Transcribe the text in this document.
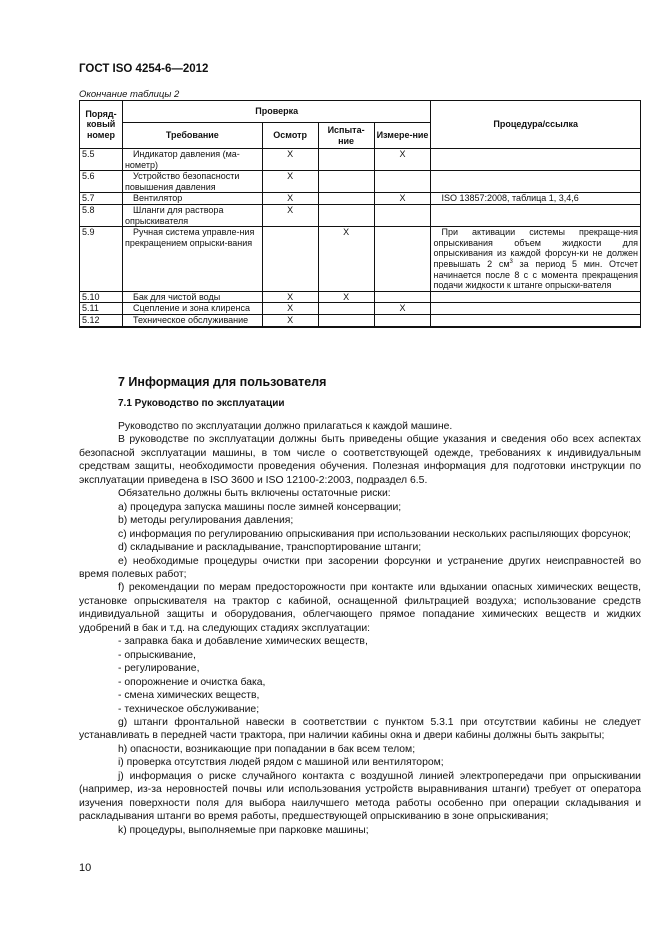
ГОСТ ISO 4254-6—2012
Окончание таблицы 2
Поряд-ковый номер	Проверка				Процедура/ссылка
	Требование	Осмотр	Испыта-ние	Измере-ние	
5.5	Индикатор давления (ма-нометр)	X		X	
5.6	Устройство безопасности повышения давления	X			
5.7	Вентилятор	X		X	ISO 13857:2008, таблица 1, 3,4,6
5.8	Шланги для раствора опрыскивателя	X			
5.9	Ручная система управле-ния прекращением опрыски-вания		X		При активации системы прекраще-ния опрыскивания объем жидкости для опрыскивания из каждой форсун-ки не должен превышать 2 $см^3$ за период 5 мин. Отсчет начинается после 8 с с момента прекращения подачи жидкости к штанге опрыски-вателя
5.10	Бак для чистой воды	X	X		
5.11	Сцепление и зона клиренса	X		X	
5.12	Техническое обслуживание	X			
7 Информация для пользователя
7.1 Руководство по эксплуатации

Руководство по эксплуатации должно прилагаться к каждой машине.

В руководстве по эксплуатации должны быть приведены общие указания и сведения обо всех аспектах безопасной эксплуатации машины, в том числе о соответствующей одежде, требованиях к индивидуальным средствам защиты, необходимости проведения обучения. Полезная информация для подготовки инструкции по эксплуатации приведена в ISO 3600 и ISO 12100-2:2003, подраздел 6.5.

Обязательно должны быть включены остаточные риски:

a) процедура запуска машины после зимней консервации;

b) методы регулирования давления;

c) информация по регулированию опрыскивания при использовании нескольких распыляющих форсунок;

d) складывание и раскладывание, транспортирование штанги;

e) необходимые процедуры очистки при засорении форсунки и устранение других неисправностей во время полевых работ;

f) рекомендации по мерам предосторожности при контакте или вдыхании опасных химических веществ, установке опрыскивателя на трактор с кабиной, оснащенной фильтрацией воздуха; использование средств индивидуальной защиты и оборудования, облегчающего прямое попадание химических веществ и жидких удобрений в бак и т.д. на следующих стадиях эксплуатации:

- заправка бака и добавление химических веществ,

- опрыскивание,

- регулирование,

- опорожнение и очистка бака,

- смена химических веществ,

- техническое обслуживание;

g) штанги фронтальной навески в соответствии с пунктом 5.3.1 при отсутствии кабины не следует устанавливать в передней части трактора, при наличии кабины окна и двери кабины должны быть закрыты;

h) опасности, возникающие при попадании в бак всем телом;

i) проверка отсутствия людей рядом с машиной или вентилятором;

j) информация о риске случайного контакта с воздушной линией электропередачи при опрыскивании (например, из-за неровностей почвы или использования устройств выравнивания штанги) требует от оператора изучения поверхности поля для выбора наилучшего метода работы особенно при операции складывания и раскладывания штанги во время работы, предшествующей опрыскиванию в зоне опрыскивания;

k) процедуры, выполняемые при парковке машины;

10
